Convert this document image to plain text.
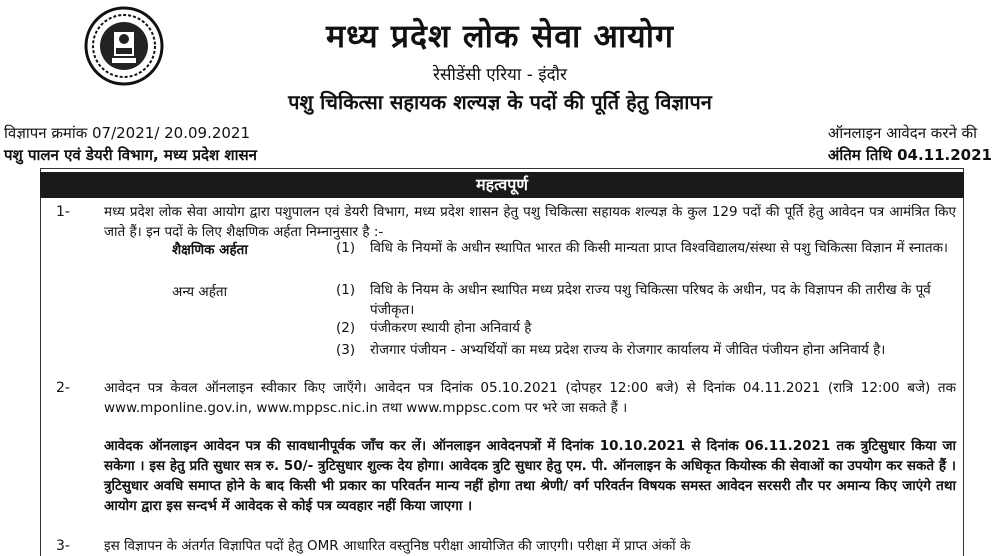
मध्य प्रदेश लोक सेवा आयोग
रेसीडेंसी एरिया - इंदौर
पशु चिकित्सा सहायक शल्यज्ञ के पदों की पूर्ति हेतु विज्ञापन
विज्ञापन क्रमांक 07/2021/ 20.09.2021
पशु पालन एवं डेयरी विभाग, मध्य प्रदेश शासन
ऑनलाइन आवेदन करने की
अंतिम तिथि 04.11.2021
महत्वपूर्ण
1-	मध्य प्रदेश लोक सेवा आयोग द्वारा पशुपालन एवं डेयरी विभाग, मध्य प्रदेश शासन हेतु पशु चिकित्सा सहायक शल्यज्ञ के कुल 129 पदों की पूर्ति हेतु आवेदन पत्र आमंत्रित किए जाते हैं। इन पदों के लिए शैक्षणिक अर्हता निम्नानुसार है :-
शैक्षणिक अर्हता	(1) विधि के नियमों के अधीन स्थापित भारत की किसी मान्यता प्राप्त विश्वविद्यालय/संस्था से पशु चिकित्सा विज्ञान में स्नातक।
अन्य अर्हता	(1) विधि के नियम के अधीन स्थापित मध्य प्रदेश राज्य पशु चिकित्सा परिषद के अधीन, पद के विज्ञापन की तारीख के पूर्व पंजीकृत।
(2) पंजीकरण स्थायी होना अनिवार्य है
(3) रोजगार पंजीयन - अभ्यर्थियों का मध्य प्रदेश राज्य के रोजगार कार्यालय में जीवित पंजीयन होना अनिवार्य है।
2-	आवेदन पत्र केवल ऑनलाइन स्वीकार किए जाएँगे। आवेदन पत्र दिनांक 05.10.2021 (दोपहर 12:00 बजे) से दिनांक 04.11.2021 (रात्रि 12:00 बजे) तक www.mponline.gov.in, www.mppsc.nic.in तथा www.mppsc.com पर भरे जा सकते हैं ।
आवेदक ऑनलाइन आवेदन पत्र की सावधानीपूर्वक जाँच कर लें। ऑनलाइन आवेदनपत्रों में दिनांक 10.10.2021 से दिनांक 06.11.2021 तक त्रुटिसुधार किया जा सकेगा । इस हेतु प्रति सुधार सत्र रु. 50/- त्रुटिसुधार शुल्क देय होगा। आवेदक त्रुटि सुधार हेतु एम. पी. ऑनलाइन के अधिकृत कियोस्क की सेवाओं का उपयोग कर सकते हैं । त्रुटिसुधार अवधि समाप्त होने के बाद किसी भी प्रकार का परिवर्तन मान्य नहीं होगा तथा श्रेणी/ वर्ग परिवर्तन विषयक समस्त आवेदन सरसरी तौर पर अमान्य किए जाएंगे तथा आयोग द्वारा इस सन्दर्भ में आवेदक से कोई पत्र व्यवहार नहीं किया जाएगा ।
3-	इस विज्ञापन के अंतर्गत विज्ञापित पदों हेतु OMR आधारित वस्तुनिष्ठ परीक्षा आयोजित की जाएगी। परीक्षा में प्राप्त अंकों के
